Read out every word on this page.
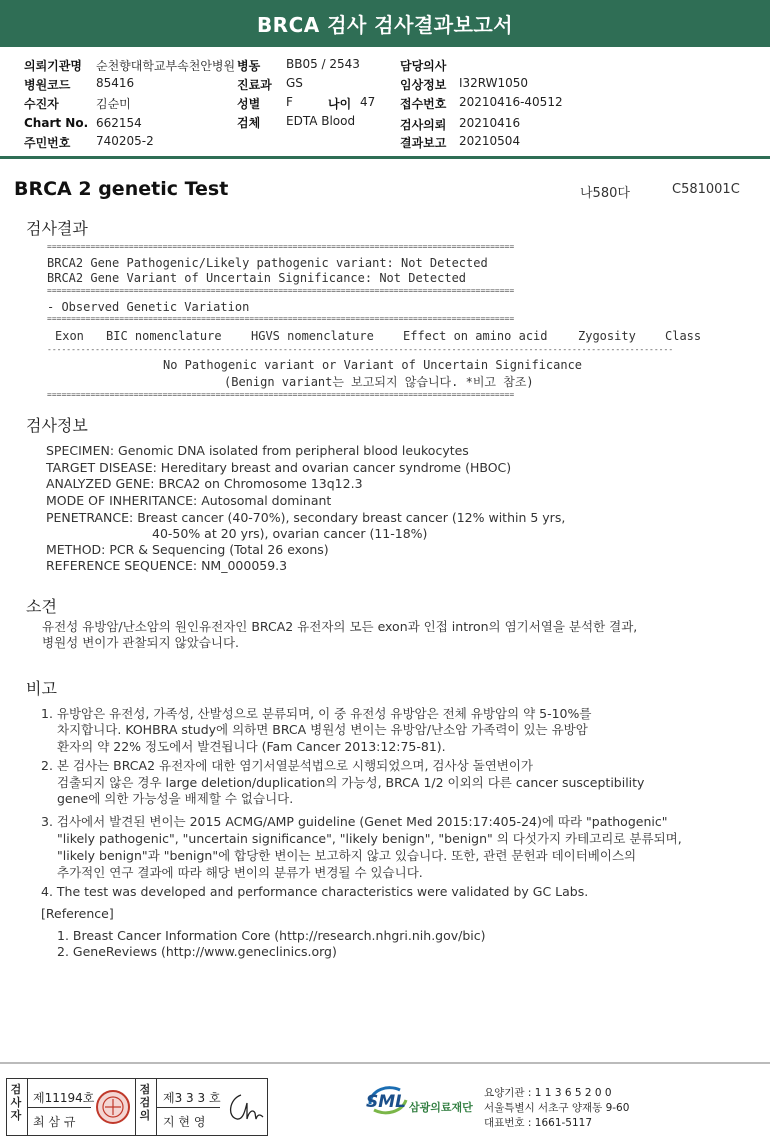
BRCA 검사 검사결과보고서
의뢰기관명 순천향대학교부속천안병원 병동 BB05 / 2543	담당의사
병원코드 85416	진료과 GS	임상정보 I32RW1050
수진자	김순미	성별 F	나이 47 접수번호 20210416-40512
Chart No. 662154	검체 EDTA Blood	검사의뢰 20210416
주민번호 740205-2	결과보고 20210504
BRCA 2 genetic Test	나580다	C581001C
검사결과
=================================================================================================
BRCA2 Gene Pathogenic/Likely pathogenic variant: Not Detected
BRCA2 Gene Variant of Uncertain Significance: Not Detected
=================================================================================================
- Observed Genetic Variation
=================================================================================================
Exon BIC nomenclature HGVS nomenclature Effect on amino acid	Zygosity Class
----------------------------------------------------------------------------------------------------------------------------------
No Pathogenic variant or Variant of Uncertain Significance
(Benign variant는 보고되지 않습니다. *비고 참조)
=================================================================================================
검사정보
SPECIMEN: Genomic DNA isolated from peripheral blood leukocytes
TARGET DISEASE: Hereditary breast and ovarian cancer syndrome (HBOC)
ANALYZED GENE: BRCA2 on Chromosome 13q12.3
MODE OF INHERITANCE: Autosomal dominant
PENETRANCE: Breast cancer (40-70%), secondary breast cancer (12% within 5 yrs,
40-50% at 20 yrs), ovarian cancer (11-18%)
METHOD: PCR & Sequencing (Total 26 exons)
REFERENCE SEQUENCE: NM_000059.3
소견
유전성 유방암/난소암의 원인유전자인 BRCA2 유전자의 모든 exon과 인접 intron의 염기서열을 분석한 결과,
병원성 변이가 관찰되지 않았습니다.
비고
1. 유방암은 유전성, 가족성, 산발성으로 분류되며, 이 중 유전성 유방암은 전체 유방암의 약 5-10%를
차지합니다. KOHBRA study에 의하면 BRCA 병원성 변이는 유방암/난소암 가족력이 있는 유방암
환자의 약 22% 정도에서 발견됩니다 (Fam Cancer 2013:12:75-81).
2. 본 검사는 BRCA2 유전자에 대한 염기서열분석법으로 시행되었으며, 검사상 돌연변이가
검출되지 않은 경우 large deletion/duplication의 가능성, BRCA 1/2 이외의 다른 cancer susceptibility
gene에 의한 가능성을 배제할 수 없습니다.
3. 검사에서 발견된 변이는 2015 ACMG/AMP guideline (Genet Med 2015:17:405-24)에 따라 "pathogenic"
"likely pathogenic", "uncertain significance", "likely benign", "benign" 의 다섯가지 카테고리로 분류되며,
"likely benign"과 "benign"에 합당한 변이는 보고하지 않고 있습니다. 또한, 관련 문헌과 데이터베이스의
추가적인 연구 결과에 따라 해당 변이의 분류가 변경될 수 있습니다.
4. The test was developed and performance characteristics were validated by GC Labs.
[Reference]
1. Breast Cancer Information Core (http://research.nhgri.nih.gov/bic)
2. GeneReviews (http://www.geneclinics.org)
검사자
제11194호
최 삼 규
점검의
제3 3 3 호
지 현 영
SML 삼광의료재단
요양기관 : 1 1 3 6 5 2 0 0
서울특별시 서초구 양재동 9-60
대표번호 : 1661-5117
